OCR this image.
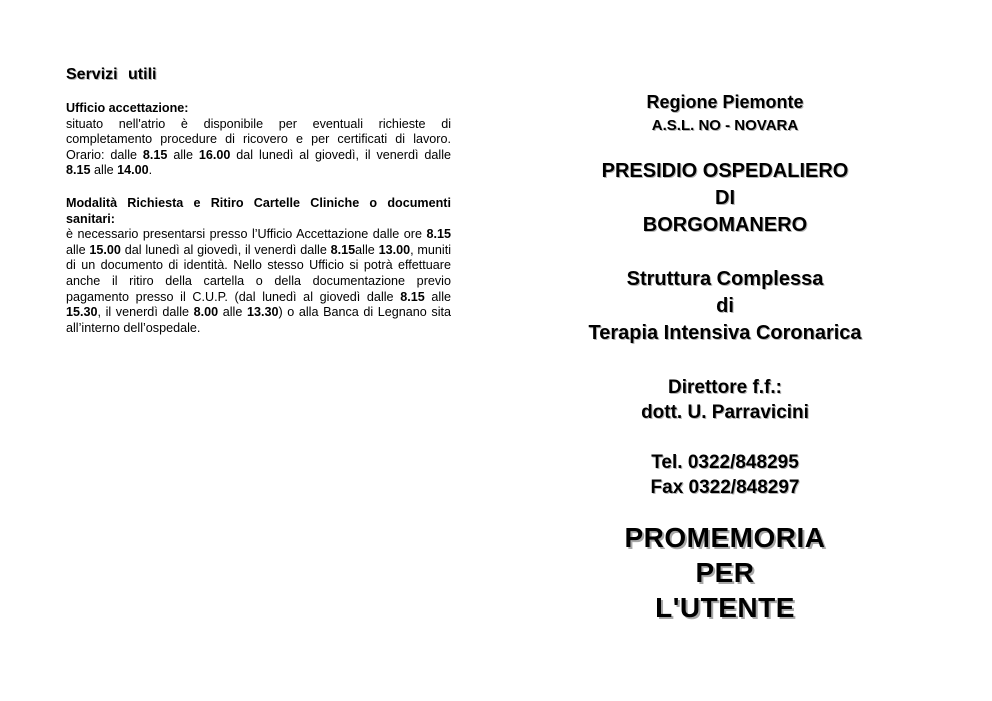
Servizi utili
Ufficio accettazione:
situato nell'atrio è disponibile per eventuali richieste di completamento procedure di ricovero e per certificati di lavoro. Orario: dalle 8.15 alle 16.00 dal lunedì al giovedì, il venerdì dalle 8.15 alle 14.00.
Modalità Richiesta e Ritiro Cartelle Cliniche o documenti sanitari:
è necessario presentarsi presso l’Ufficio Accettazione dalle ore 8.15 alle 15.00 dal lunedì al giovedì, il venerdì dalle 8.15alle 13.00, muniti di un documento di identità. Nello stesso Ufficio si potrà effettuare anche il ritiro della cartella o della documentazione previo pagamento presso il C.U.P. (dal lunedì al giovedì dalle 8.15 alle 15.30, il venerdì dalle 8.00 alle 13.30) o alla Banca di Legnano sita all’interno dell’ospedale.
Regione Piemonte
A.S.L. NO - NOVARA
PRESIDIO OSPEDALIERO
DI
BORGOMANERO
Struttura Complessa
di
Terapia Intensiva Coronarica
Direttore f.f.:
dott. U. Parravicini
Tel. 0322/848295
Fax 0322/848297
PROMEMORIA
PER
L'UTENTE
